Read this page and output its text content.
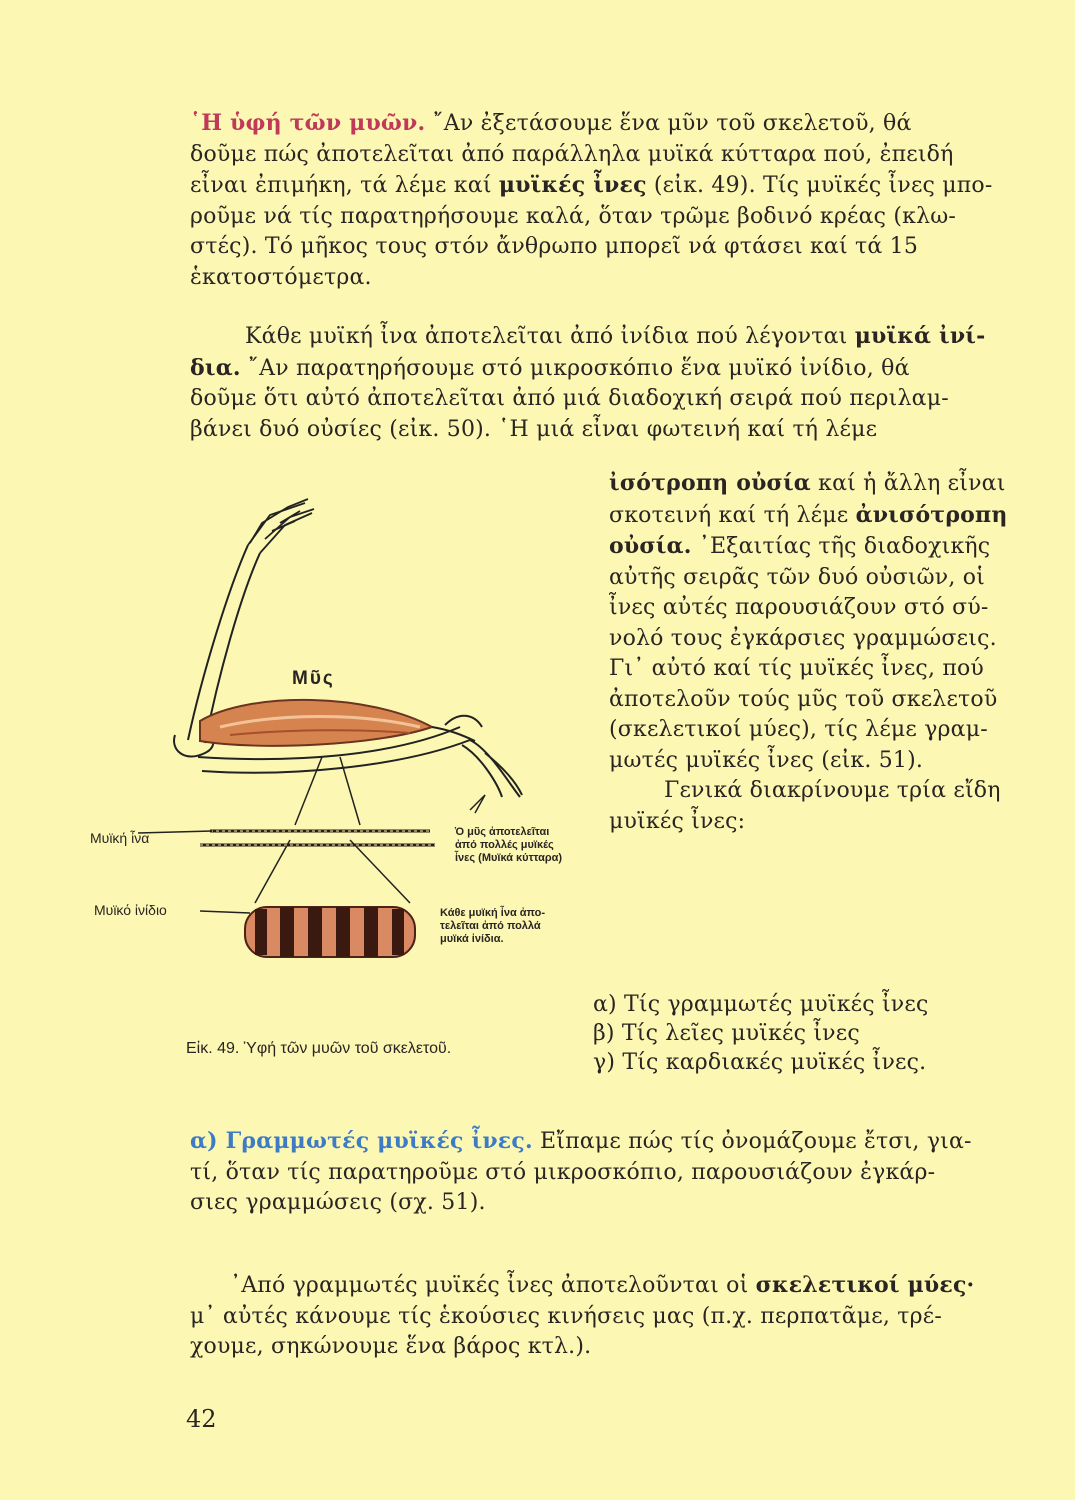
῾Η ὑφή τῶν μυῶν. ῎Αν ἐξετάσουμε ἕνα μῦν τοῦ σκελετοῦ, θά
δοῦμε πώς ἀποτελεῖται ἀπό παράλληλα μυϊκά κύτταρα πού, ἐπειδή
εἶναι ἐπιμήκη, τά λέμε καί μυϊκές ἶνες (εἰκ. 49). Τίς μυϊκές ἶνες μπο-
ροῦμε νά τίς παρατηρήσουμε καλά, ὅταν τρῶμε βοδινό κρέας (κλω-
στές). Τό μῆκος τους στόν ἄνθρωπο μπορεῖ νά φτάσει καί τά 15
ἑκατοστόμετρα.
Κάθε μυϊκή ἶνα ἀποτελεῖται ἀπό ἰνίδια πού λέγονται μυϊκά ἰνί-
δια. ῎Αν παρατηρήσουμε στό μικροσκόπιο ἕνα μυϊκό ἰνίδιο, θά
δοῦμε ὅτι αὐτό ἀποτελεῖται ἀπό μιά διαδοχική σειρά πού περιλαμ-
βάνει δυό οὐσίες (εἰκ. 50). ῾Η μιά εἶναι φωτεινή καί τή λέμε
ἰσότροπη οὐσία καί ἡ ἄλλη εἶναι
σκοτεινή καί τή λέμε ἀνισότροπη
οὐσία. ᾿Εξαιτίας τῆς διαδοχικῆς
αὐτῆς σειρᾶς τῶν δυό οὐσιῶν, οἱ
ἶνες αὐτές παρουσιάζουν στό σύ-
νολό τους ἐγκάρσιες γραμμώσεις.
Γι᾿ αὐτό καί τίς μυϊκές ἶνες, πού
ἀποτελοῦν τούς μῦς τοῦ σκελετοῦ
(σκελετικοί μύες), τίς λέμε γραμ-
μωτές μυϊκές ἶνες (εἰκ. 51).
Γενικά διακρίνουμε τρία εἴδη
μυϊκές ἶνες:
Μῦς
Μυϊκή ἶνα
Μυϊκό ἰνίδιο
Ὁ μῦς ἀποτελεῖται
ἀπό πολλές μυϊκές
ἶνες (Μυϊκά κύτταρα)
Κάθε μυϊκή ἶνα ἀπο-
τελεῖται ἀπό πολλά
μυϊκά ἰνίδια.
Εἰκ. 49. Ὑφή τῶν μυῶν τοῦ σκελετοῦ.
α) Τίς γραμμωτές μυϊκές ἶνες
β) Τίς λεῖες μυϊκές ἶνες
γ) Τίς καρδιακές μυϊκές ἶνες.
α) Γραμμωτές μυϊκές ἶνες. Εἴπαμε πώς τίς ὀνομάζουμε ἔτσι, για-
τί, ὅταν τίς παρατηροῦμε στό μικροσκόπιο, παρουσιάζουν ἐγκάρ-
σιες γραμμώσεις (σχ. 51).
᾿Από γραμμωτές μυϊκές ἶνες ἀποτελοῦνται οἱ σκελετικοί μύες·
μ᾿ αὐτές κάνουμε τίς ἑκούσιες κινήσεις μας (π.χ. περπατᾶμε, τρέ-
χουμε, σηκώνουμε ἕνα βάρος κτλ.).
42
